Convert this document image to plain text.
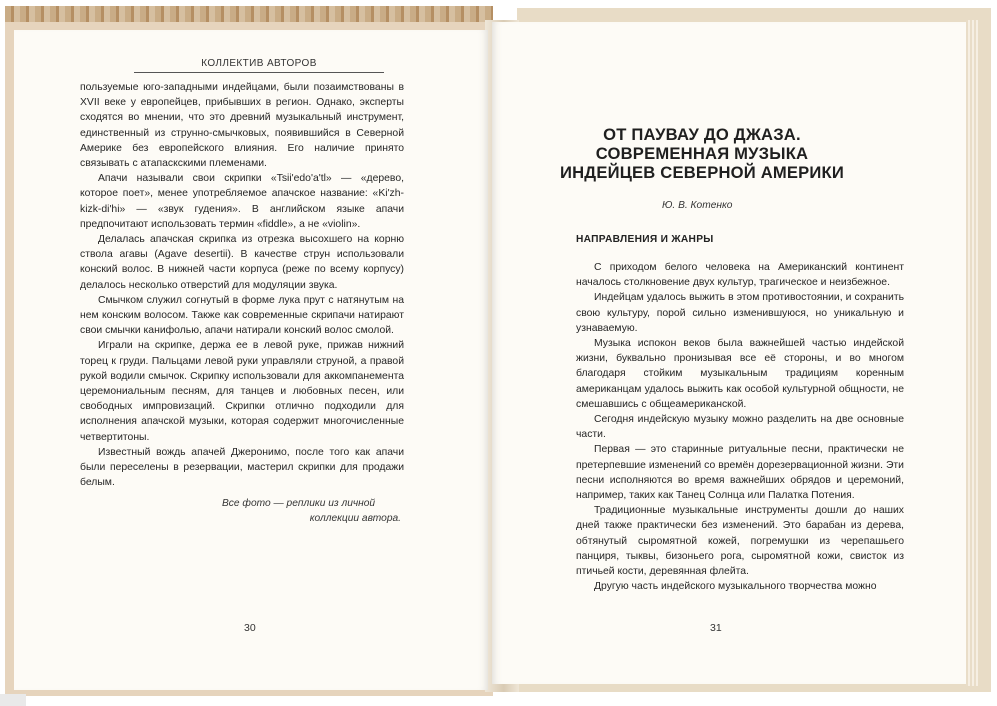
КОЛЛЕКТИВ АВТОРОВ

пользуемые юго-западными индейцами, были позаимствованы в XVII веке у европейцев, прибывших в регион. Однако, эксперты сходятся во мнении, что это древний музыкальный инструмент, единственный из струнно-смычковых, появившийся в Северной Америке без европейского влияния. Его наличие принято связывать с атапаскскими племенами.

Апачи называли свои скрипки «Tsii'edo'a'tl» — «дерево, которое поет», менее употребляемое апачское название: «Ki'zh-kizk-di'hi» — «звук гудения». В английском языке апачи предпочитают использовать термин «fiddle», а не «violin».

Делалась апачская скрипка из отрезка высохшего на корню ствола агавы (Agave desertii). В качестве струн использовали конский волос. В нижней части корпуса (реже по всему корпусу) делалось несколько отверстий для модуляции звука.

Смычком служил согнутый в форме лука прут с натянутым на нем конским волосом. Также как современные скрипачи натирают свои смычки канифолью, апачи натирали конский волос смолой.

Играли на скрипке, держа ее в левой руке, прижав нижний торец к груди. Пальцами левой руки управляли струной, а правой рукой водили смычок. Скрипку использовали для аккомпанемента церемониальным песням, для танцев и любовных песен, или свободных импровизаций. Скрипки отлично подходили для исполнения апачской музыки, которая содержит многочисленные четвертитоны.

Известный вождь апачей Джеронимо, после того как апачи были переселены в резервации, мастерил скрипки для продажи белым.

Все фото — реплики из личной
коллекции автора.
30
ОТ ПАУВАУ ДО ДЖАЗА.
СОВРЕМЕННАЯ МУЗЫКА
ИНДЕЙЦЕВ СЕВЕРНОЙ АМЕРИКИ
Ю. В. Котенко
НАПРАВЛЕНИЯ И ЖАНРЫ

С приходом белого человека на Американский континент началось столкновение двух культур, трагическое и неизбежное.

Индейцам удалось выжить в этом противостоянии, и сохранить свою культуру, порой сильно изменившуюся, но уникальную и узнаваемую.

Музыка испокон веков была важнейшей частью индейской жизни, буквально пронизывая все её стороны, и во многом благодаря стойким музыкальным традициям коренным американцам удалось выжить как особой культурной общности, не смешавшись с общеамериканской.

Сегодня индейскую музыку можно разделить на две основные части.

Первая — это старинные ритуальные песни, практически не претерпевшие изменений со времён дорезервационной жизни. Эти песни исполняются во время важнейших обрядов и церемоний, например, таких как Танец Солнца или Палатка Потения.

Традиционные музыкальные инструменты дошли до наших дней также практически без изменений. Это барабан из дерева, обтянутый сыромятной кожей, погремушки из черепашьего панциря, тыквы, бизоньего рога, сыромятной кожи, свисток из птичьей кости, деревянная флейта.

Другую часть индейского музыкального творчества можно

31
